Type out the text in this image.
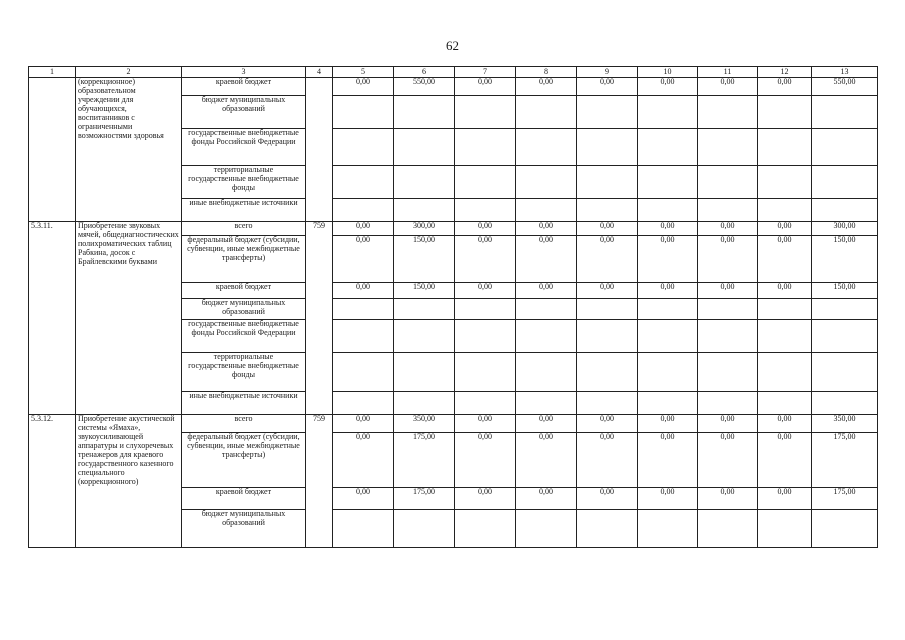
62
1	2	3	4	5	6	7	8	9	10	11	12	13
	(коррекционное) образовательном учреждении для обучающихся, воспитанников с ограниченными возможностями здоровья	краевой бюджет		0,00	550,00	0,00	0,00	0,00	0,00	0,00	0,00	550,00
		бюджет муниципальных образований										
		государственные внебюджетные фонды Российской Федерации										
		территориальные государственные внебюджетные фонды										
		иные внебюджетные источники										
5.3.11.	Приобретение звуковых мячей, общедиагностических полихроматических таблиц Рабкина, досок с Брайлевскими буквами	всего	759	0,00	300,00	0,00	0,00	0,00	0,00	0,00	0,00	300,00
		федеральный бюджет (субсидии, субвенции, иные межбюджетные трансферты)		0,00	150,00	0,00	0,00	0,00	0,00	0,00	0,00	150,00
		краевой бюджет		0,00	150,00	0,00	0,00	0,00	0,00	0,00	0,00	150,00
		бюджет муниципальных образований										
		государственные внебюджетные фонды Российской Федерации										
		территориальные государственные внебюджетные фонды										
		иные внебюджетные источники										
5.3.12.	Приобретение акустической системы «Ямаха», звукоусиливающей аппаратуры и слухоречевых тренажеров для краевого государственного казенного специального (коррекционного)	всего	759	0,00	350,00	0,00	0,00	0,00	0,00	0,00	0,00	350,00
		федеральный бюджет (субсидии, субвенции, иные межбюджетные трансферты)		0,00	175,00	0,00	0,00	0,00	0,00	0,00	0,00	175,00
		краевой бюджет		0,00	175,00	0,00	0,00	0,00	0,00	0,00	0,00	175,00
		бюджет муниципальных образований										
